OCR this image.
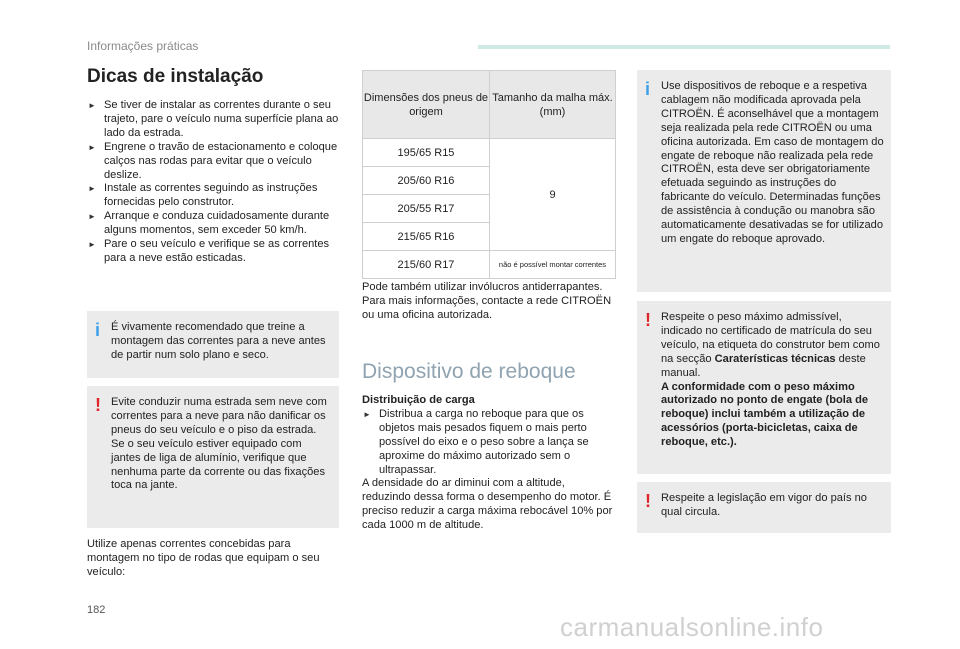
Informações práticas
Dicas de instalação
► Se tiver de instalar as correntes durante o seu trajeto, pare o veículo numa superfície plana ao lado da estrada.
► Engrene o travão de estacionamento e coloque calços nas rodas para evitar que o veículo deslize.
► Instale as correntes seguindo as instruções fornecidas pelo construtor.
► Arranque e conduza cuidadosamente durante alguns momentos, sem exceder 50 km/h.
► Pare o seu veículo e verifique se as correntes para a neve estão esticadas.
i É vivamente recomendado que treine a montagem das correntes para a neve antes de partir num solo plano e seco.
! Evite conduzir numa estrada sem neve com correntes para a neve para não danificar os pneus do seu veículo e o piso da estrada. Se o seu veículo estiver equipado com jantes de liga de alumínio, verifique que nenhuma parte da corrente ou das fixações toca na jante.
Utilize apenas correntes concebidas para montagem no tipo de rodas que equipam o seu veículo:
Dimensões dos pneus de origem	Tamanho da malha máx. (mm)
195/65 R15	9
205/60 R16	
205/55 R17	
215/65 R16	
215/60 R17	não é possível montar correntes
Pode também utilizar invólucros antiderrapantes.
Para mais informações, contacte a rede CITROËN ou uma oficina autorizada.
Dispositivo de reboque
Distribuição de carga
► Distribua a carga no reboque para que os objetos mais pesados fiquem o mais perto possível do eixo e o peso sobre a lança se aproxime do máximo autorizado sem o ultrapassar.
A densidade do ar diminui com a altitude, reduzindo dessa forma o desempenho do motor. É preciso reduzir a carga máxima rebocável 10% por cada 1000 m de altitude.
i Use dispositivos de reboque e a respetiva cablagem não modificada aprovada pela CITROËN. É aconselhável que a montagem seja realizada pela rede CITROËN ou uma oficina autorizada. Em caso de montagem do engate de reboque não realizada pela rede CITROËN, esta deve ser obrigatoriamente efetuada seguindo as instruções do fabricante do veículo. Determinadas funções de assistência à condução ou manobra são automaticamente desativadas se for utilizado um engate do reboque aprovado.
! Respeite o peso máximo admissível, indicado no certificado de matrícula do seu veículo, na etiqueta do construtor bem como na secção Caraterísticas técnicas deste manual.
A conformidade com o peso máximo autorizado no ponto de engate (bola de reboque) inclui também a utilização de acessórios (porta-bicicletas, caixa de reboque, etc.).
! Respeite a legislação em vigor do país no qual circula.
182
carmanualsonline.info
